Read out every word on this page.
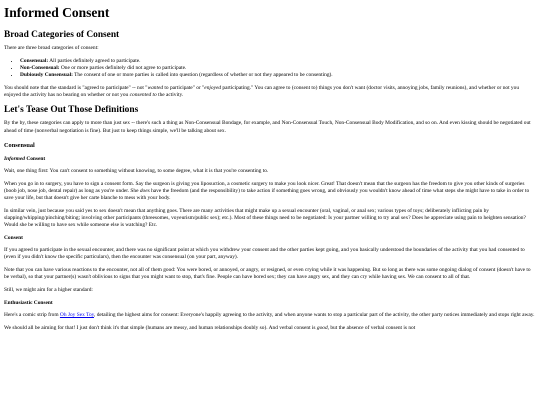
Informed Consent
Broad Categories of Consent

There are three broad categories of consent:

• Consensual: All parties definitely agreed to participate.
• Non-Consensual: One or more parties definitely did not agree to participate.
• Dubiously Consensual: The consent of one or more parties is called into question (regardless of whether or not they appeared to be consenting).

You should note that the standard is "agreed to participate" -- not "wanted to participate" or "enjoyed participating." You can agree to (consent to) things you don't want (doctor visits, annoying jobs, family reunions), and whether or not you enjoyed the activity has no bearing on whether or not you consented to the activity.

Let's Tease Out Those Definitions

By the by, these categories can apply to more than just sex -- there's such a thing as Non-Consensual Bondage, for example, and Non-Consensual Touch, Non-Consensual Body Modification, and so on. And even kissing should be negotiated out ahead of time (nonverbal negotiation is fine). But just to keep things simple, we'll be talking about sex.

Consensual
Informed Consent

Wait, one thing first: You can't consent to something without knowing, to some degree, what it is that you're consenting to.

When you go in to surgery, you have to sign a consent form. Say the surgeon is giving you liposuction, a cosmetic surgery to make you look nicer. Great! That doesn't mean that the surgeon has the freedom to give you other kinds of surgeries (boob job, nose job, dental repair) as long as you're under. She does have the freedom (and the responsibility) to take action if something goes wrong, and obviously you wouldn't know ahead of time what steps she might have to take in order to save your life, but that doesn't give her carte blanche to mess with your body.

In similar vein, just because you said yes to sex doesn't mean that anything goes. There are many activities that might make up a sexual encounter (oral, vaginal, or anal sex; various types of toys; deliberately inflicting pain by slapping/whipping/pinching/biting; involving other participants (threesomes, voyeurism/public sex); etc.). Most of these things need to be negotiated: Is your partner willing to try anal sex? Does he appreciate using pain to heighten sensation? Would she be willing to have sex while someone else is watching? Etc.

Consent

If you agreed to participate in the sexual encounter, and there was no significant point at which you withdrew your consent and the other parties kept going, and you basically understood the boundaries of the activity that you had consented to (even if you didn't know the specific particulars), then the encounter was consensual (on your part, anyway).

Note that you can have various reactions to the encounter, not all of them good: You were bored, or annoyed, or angry, or resigned, or even crying while it was happening. But so long as there was some ongoing dialog of consent (doesn't have to be verbal), so that your partner(s) wasn't oblivious to signs that you might want to stop, that's fine. People can have bored sex; they can have angry sex, and they can cry while having sex. We can consent to all of that.

Still, we might aim for a higher standard:

Enthusiastic Consent

Here's a comic strip from Oh Joy Sex Toy, detailing the highest aims for consent: Everyone's happily agreeing to the activity, and when anyone wants to stop a particular part of the activity, the other party notices immediately and stops right away.

We should all be aiming for that! I just don't think it's that simple (humans are messy, and human relationships doubly so). And verbal consent is good, but the absence of verbal consent is not
